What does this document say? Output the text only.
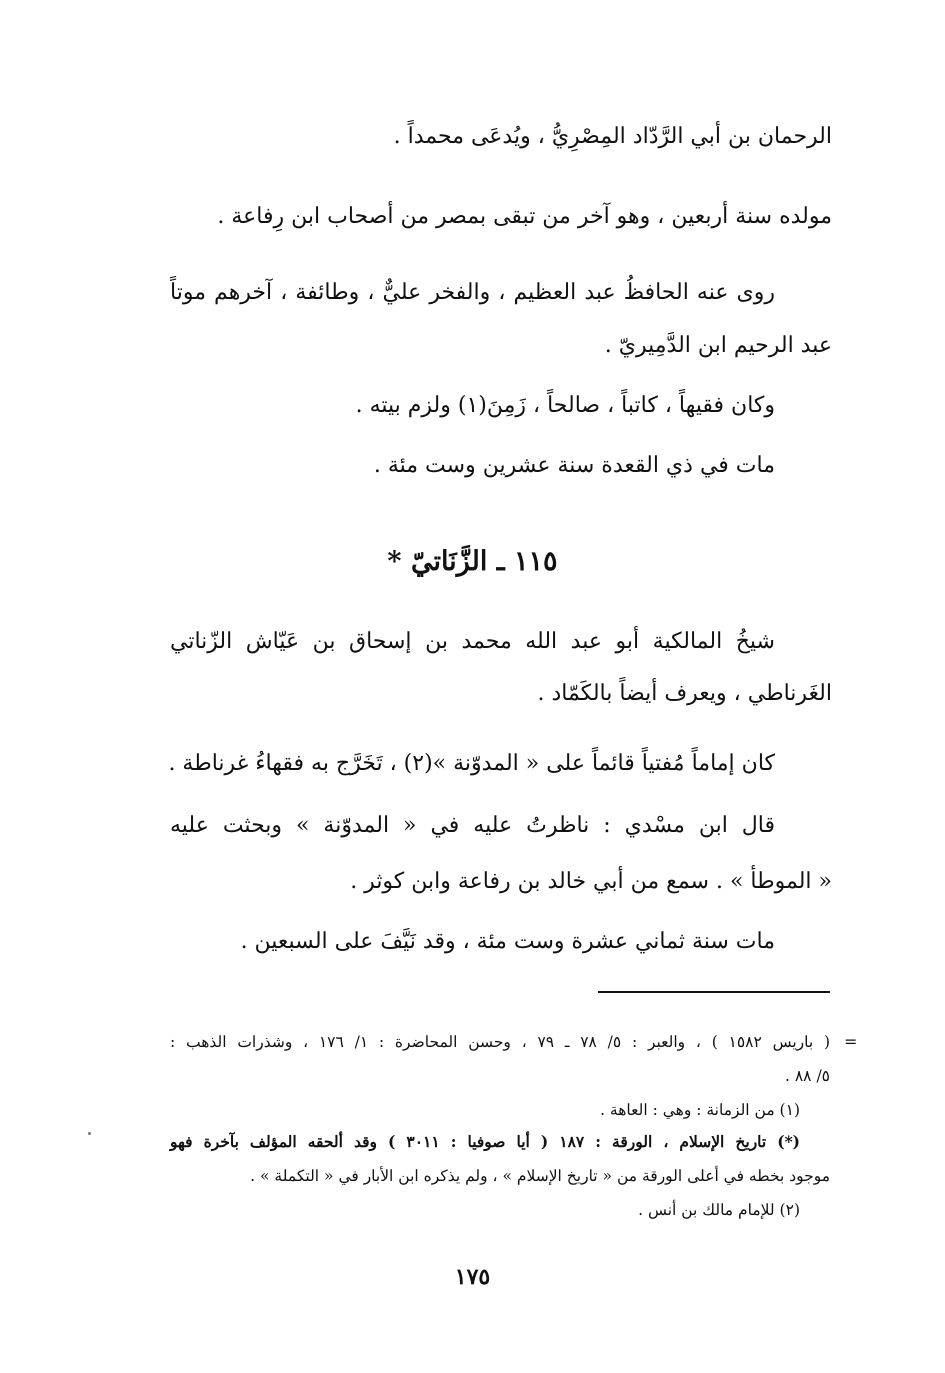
الرحمان بن أبي الرَّدّاد المِصْرِيُّ ، ويُدعَى محمداً .
مولده سنة أربعين ، وهو آخر من تبقى بمصر من أصحاب ابن رِفاعة .
روى عنه الحافظُ عبد العظيم ، والفخر عليٌّ ، وطائفة ، آخرهم موتاً
عبد الرحيم ابن الدَّمِيريّ .
وكان فقيهاً ، كاتباً ، صالحاً ، زَمِنَ(١) ولزم بيته .
مات في ذي القعدة سنة عشرين وست مئة .
١١٥ ـ الزَّنَاتيّ *
شيخُ المالكية أبو عبد الله محمد بن إسحاق بن عَيّاش الزّناتي
الغَرناطي ، ويعرف أيضاً بالكَمّاد .
كان إماماً مُفتياً قائماً على « المدوّنة »(٢) ، تَخَرَّج به فقهاءُ غرناطة .
قال ابن مسْدي : ناظرتُ عليه في « المدوّنة » وبحثت عليه
« الموطأ » . سمع من أبي خالد بن رفاعة وابن كوثر .
مات سنة ثماني عشرة وست مئة ، وقد نَيَّفَ على السبعين .
=
( باريس ١٥٨٢ ) ، والعبر : ٥/ ٧٨ ـ ٧٩ ، وحسن المحاضرة : ١/ ١٧٦ ، وشذرات الذهب :
٥/ ٨٨ .
(١) من الزمانة : وهي : العاهة .
(*) تاريخ الإسلام ، الورقة : ١٨٧ ( أيا صوفيا : ٣٠١١ ) وقد ألحقه المؤلف بآخرة فهو
موجود بخطه في أعلى الورقة من « تاريخ الإسلام » ، ولم يذكره ابن الأبار في « التكملة » .
(٢) للإمام مالك بن أنس .
١٧٥
